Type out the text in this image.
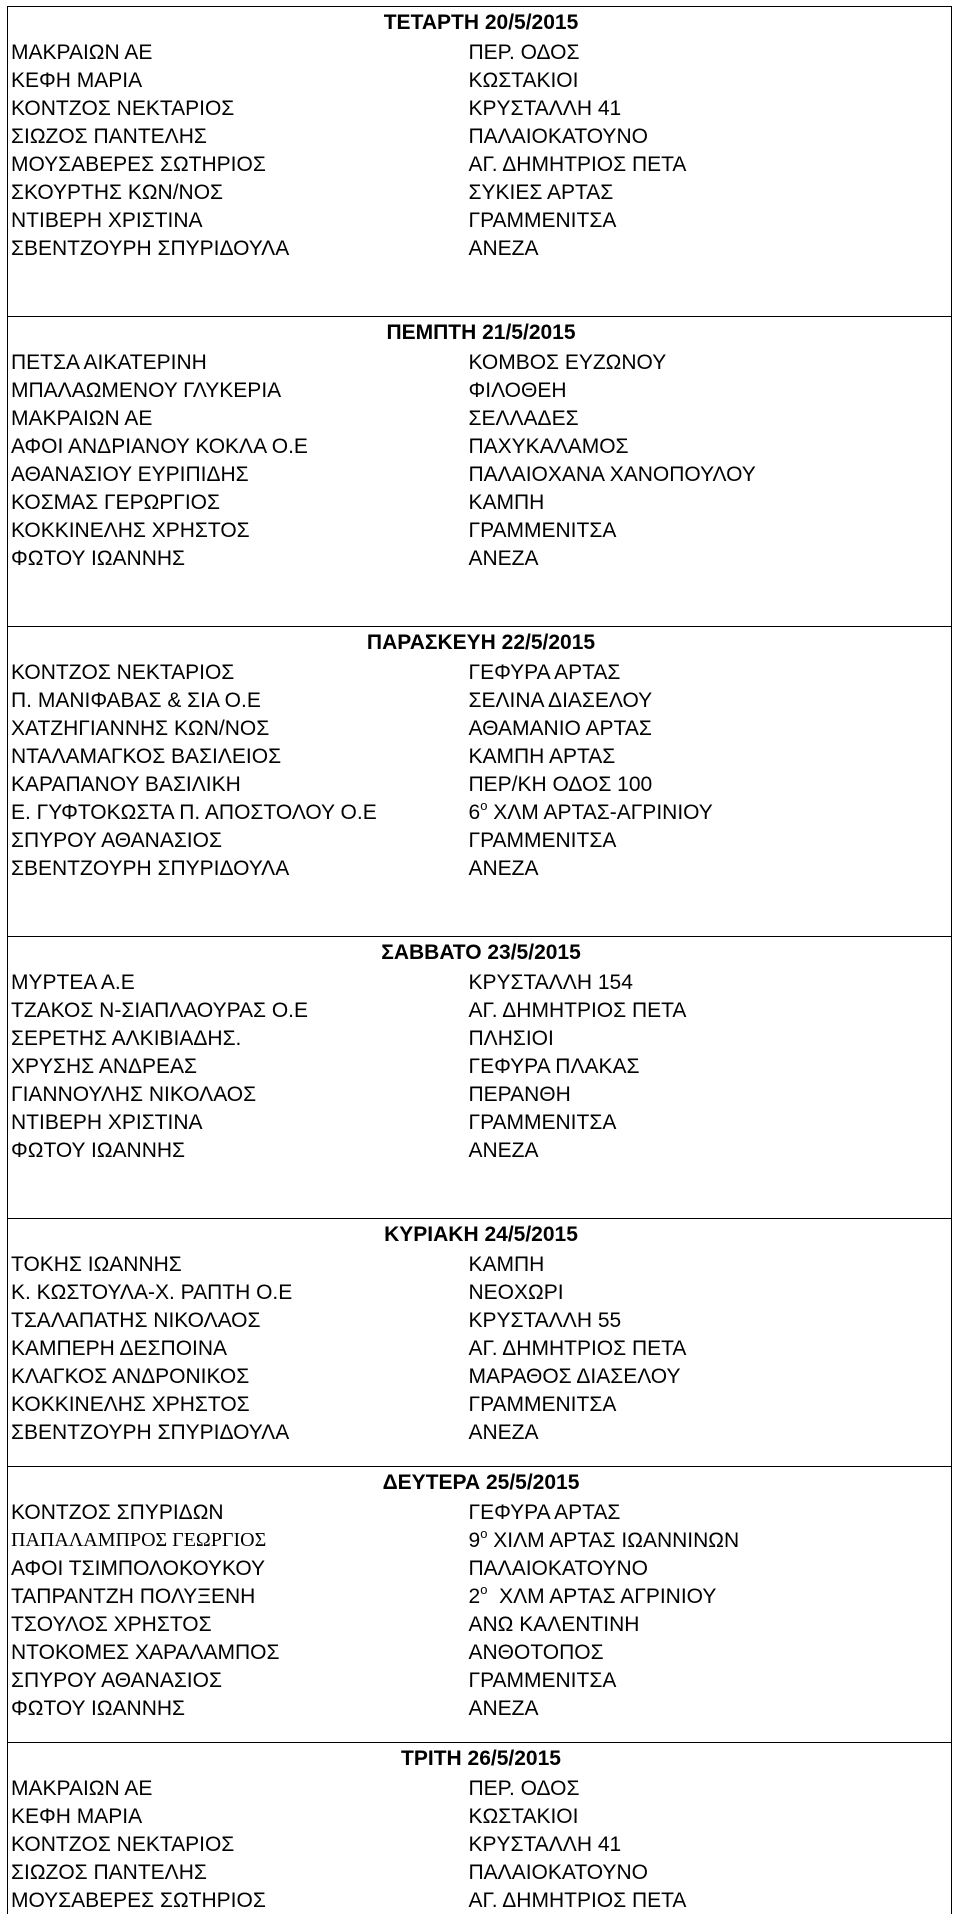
ΤΕΤΑΡΤΗ 20/5/2015	
ΜΑΚΡΑΙΩΝ ΑΕ	ΠΕΡ. ΟΔΟΣ
ΚΕΦΗ ΜΑΡΙΑ	ΚΩΣΤΑΚΙΟΙ
ΚΟΝΤΖΟΣ ΝΕΚΤΑΡΙΟΣ	ΚΡΥΣΤΑΛΛΗ 41
ΣΙΩΖΟΣ ΠΑΝΤΕΛΗΣ	ΠΑΛΑΙΟΚΑΤΟΥΝΟ
ΜΟΥΣΑΒΕΡΕΣ ΣΩΤΗΡΙΟΣ	ΑΓ. ΔΗΜΗΤΡΙΟΣ ΠΕΤΑ
ΣΚΟΥΡΤΗΣ ΚΩΝ/ΝΟΣ	ΣΥΚΙΕΣ ΑΡΤΑΣ
ΝΤΙΒΕΡΗ ΧΡΙΣΤΙΝΑ	ΓΡΑΜΜΕΝΙΤΣΑ
ΣΒΕΝΤΖΟΥΡΗ ΣΠΥΡΙΔΟΥΛΑ	ΑΝΕΖΑ

ΠΕΜΠΤΗ 21/5/2015	
ΠΕΤΣΑ ΑΙΚΑΤΕΡΙΝΗ	ΚΟΜΒΟΣ ΕΥΖΩΝΟΥ
ΜΠΑΛΑΩΜΕΝΟΥ ΓΛΥΚΕΡΙΑ	ΦΙΛΟΘΕΗ
ΜΑΚΡΑΙΩΝ ΑΕ	ΣΕΛΛΑΔΕΣ
ΑΦΟΙ ΑΝΔΡΙΑΝΟΥ ΚΟΚΛΑ Ο.Ε	ΠΑΧΥΚΑΛΑΜΟΣ
ΑΘΑΝΑΣΙΟΥ ΕΥΡΙΠΙΔΗΣ	ΠΑΛΑΙΟΧΑΝΑ ΧΑΝΟΠΟΥΛΟΥ
ΚΟΣΜΑΣ ΓΕΡΩΡΓΙΟΣ	ΚΑΜΠΗ
ΚΟΚΚΙΝΕΛΗΣ ΧΡΗΣΤΟΣ	ΓΡΑΜΜΕΝΙΤΣΑ
ΦΩΤΟΥ ΙΩΑΝΝΗΣ	ΑΝΕΖΑ

ΠΑΡΑΣΚΕΥΗ 22/5/2015	
ΚΟΝΤΖΟΣ ΝΕΚΤΑΡΙΟΣ	ΓΕΦΥΡΑ ΑΡΤΑΣ
Π. ΜΑΝΙΦΑΒΑΣ & ΣΙΑ Ο.Ε	ΣΕΛΙΝΑ ΔΙΑΣΕΛΟΥ
ΧΑΤΖΗΓΙΑΝΝΗΣ ΚΩΝ/ΝΟΣ	ΑΘΑΜΑΝΙΟ ΑΡΤΑΣ
ΝΤΑΛΑΜΑΓΚΟΣ ΒΑΣΙΛΕΙΟΣ	ΚΑΜΠΗ ΑΡΤΑΣ
ΚΑΡΑΠΑΝΟΥ ΒΑΣΙΛΙΚΗ	ΠΕΡ/ΚΗ ΟΔΟΣ 100
Ε. ΓΥΦΤΟΚΩΣΤΑ Π. ΑΠΟΣΤΟΛΟΥ Ο.Ε	$6^o$ ΧΛΜ ΑΡΤΑΣ-ΑΓΡΙΝΙΟΥ
ΣΠΥΡΟΥ ΑΘΑΝΑΣΙΟΣ	ΓΡΑΜΜΕΝΙΤΣΑ
ΣΒΕΝΤΖΟΥΡΗ ΣΠΥΡΙΔΟΥΛΑ	ΑΝΕΖΑ

ΣΑΒΒΑΤΟ 23/5/2015	
ΜΥΡΤΕΑ Α.Ε	ΚΡΥΣΤΑΛΛΗ 154
ΤΖΑΚΟΣ Ν-ΣΙΑΠΛΑΟΥΡΑΣ Ο.Ε	ΑΓ. ΔΗΜΗΤΡΙΟΣ ΠΕΤΑ
ΣΕΡΕΤΗΣ ΑΛΚΙΒΙΑΔΗΣ.	ΠΛΗΣΙΟΙ
ΧΡΥΣΗΣ ΑΝΔΡΕΑΣ	ΓΕΦΥΡΑ ΠΛΑΚΑΣ
ΓΙΑΝΝΟΥΛΗΣ ΝΙΚΟΛΑΟΣ	ΠΕΡΑΝΘΗ
ΝΤΙΒΕΡΗ ΧΡΙΣΤΙΝΑ	ΓΡΑΜΜΕΝΙΤΣΑ
ΦΩΤΟΥ ΙΩΑΝΝΗΣ	ΑΝΕΖΑ

ΚΥΡΙΑΚΗ 24/5/2015	
ΤΟΚΗΣ ΙΩΑΝΝΗΣ	ΚΑΜΠΗ
Κ. ΚΩΣΤΟΥΛΑ-Χ. ΡΑΠΤΗ Ο.Ε	ΝΕΟΧΩΡΙ
ΤΣΑΛΑΠΑΤΗΣ ΝΙΚΟΛΑΟΣ	ΚΡΥΣΤΑΛΛΗ 55
ΚΑΜΠΕΡΗ ΔΕΣΠΟΙΝΑ	ΑΓ. ΔΗΜΗΤΡΙΟΣ ΠΕΤΑ
ΚΛΑΓΚΟΣ ΑΝΔΡΟΝΙΚΟΣ	ΜΑΡΑΘΟΣ ΔΙΑΣΕΛΟΥ
ΚΟΚΚΙΝΕΛΗΣ ΧΡΗΣΤΟΣ	ΓΡΑΜΜΕΝΙΤΣΑ
ΣΒΕΝΤΖΟΥΡΗ ΣΠΥΡΙΔΟΥΛΑ	ΑΝΕΖΑ

ΔΕΥΤΕΡΑ 25/5/2015	
ΚΟΝΤΖΟΣ ΣΠΥΡΙΔΩΝ	ΓΕΦΥΡΑ ΑΡΤΑΣ
ΠΑΠΑΛΑΜΠΡΟΣ ΓΕΩΡΓΙΟΣ	$9^o$ ΧΙΛΜ ΑΡΤΑΣ ΙΩΑΝΝΙΝΩΝ
ΑΦΟΙ ΤΣΙΜΠΟΛΟΚΟΥΚΟΥ	ΠΑΛΑΙΟΚΑΤΟΥΝΟ
ΤΑΠΡΑΝΤΖΗ ΠΟΛΥΞΕΝΗ	$2^o$  ΧΛΜ ΑΡΤΑΣ ΑΓΡΙΝΙΟΥ
ΤΣΟΥΛΟΣ ΧΡΗΣΤΟΣ	ΑΝΩ ΚΑΛΕΝΤΙΝΗ
ΝΤΟΚΟΜΕΣ ΧΑΡΑΛΑΜΠΟΣ	ΑΝΘΟΤΟΠΟΣ
ΣΠΥΡΟΥ ΑΘΑΝΑΣΙΟΣ	ΓΡΑΜΜΕΝΙΤΣΑ
ΦΩΤΟΥ ΙΩΑΝΝΗΣ	ΑΝΕΖΑ

ΤΡΙΤΗ 26/5/2015	
ΜΑΚΡΑΙΩΝ ΑΕ	ΠΕΡ. ΟΔΟΣ
ΚΕΦΗ ΜΑΡΙΑ	ΚΩΣΤΑΚΙΟΙ
ΚΟΝΤΖΟΣ ΝΕΚΤΑΡΙΟΣ	ΚΡΥΣΤΑΛΛΗ 41
ΣΙΩΖΟΣ ΠΑΝΤΕΛΗΣ	ΠΑΛΑΙΟΚΑΤΟΥΝΟ
ΜΟΥΣΑΒΕΡΕΣ ΣΩΤΗΡΙΟΣ	ΑΓ. ΔΗΜΗΤΡΙΟΣ ΠΕΤΑ
